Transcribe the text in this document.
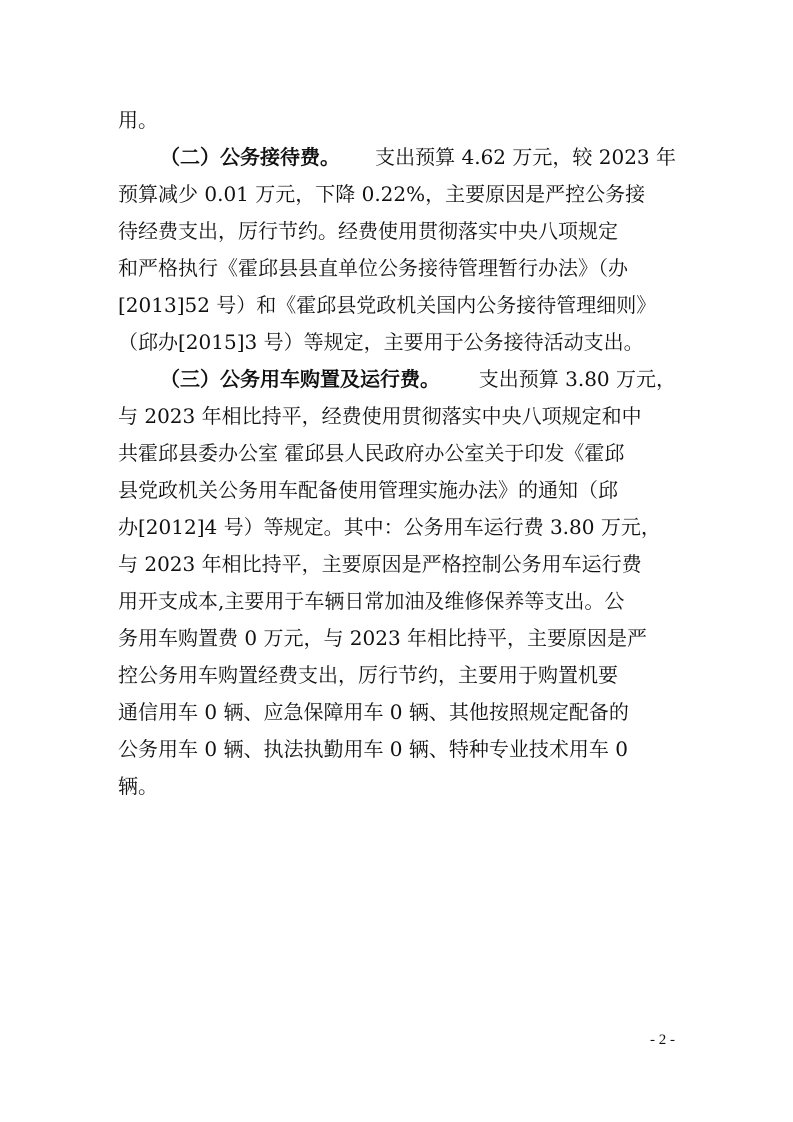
用。
（二）公务接待费。 支出预算 4.62 万元，较 2023 年
预算减少 0.01 万元，下降 0.22%，主要原因是严控公务接
待经费支出，厉行节约。经费使用贯彻落实中央八项规定
和严格执行《霍邱县县直单位公务接待管理暂行办法》（办
[2013]52 号）和《霍邱县党政机关国内公务接待管理细则》
（邱办[2015]3 号）等规定，主要用于公务接待活动支出。
（三）公务用车购置及运行费。 支出预算 3.80 万元，
与 2023 年相比持平，经费使用贯彻落实中央八项规定和中
共霍邱县委办公室 霍邱县人民政府办公室关于印发《霍邱
县党政机关公务用车配备使用管理实施办法》的通知（邱
办[2012]4 号）等规定。其中：公务用车运行费 3.80 万元，
与 2023 年相比持平，主要原因是严格控制公务用车运行费
用开支成本,主要用于车辆日常加油及维修保养等支出。公
务用车购置费 0 万元，与 2023 年相比持平，主要原因是严
控公务用车购置经费支出，厉行节约，主要用于购置机要
通信用车 0 辆、应急保障用车 0 辆、其他按照规定配备的
公务用车 0 辆、执法执勤用车 0 辆、特种专业技术用车 0
辆。
- 2 -
